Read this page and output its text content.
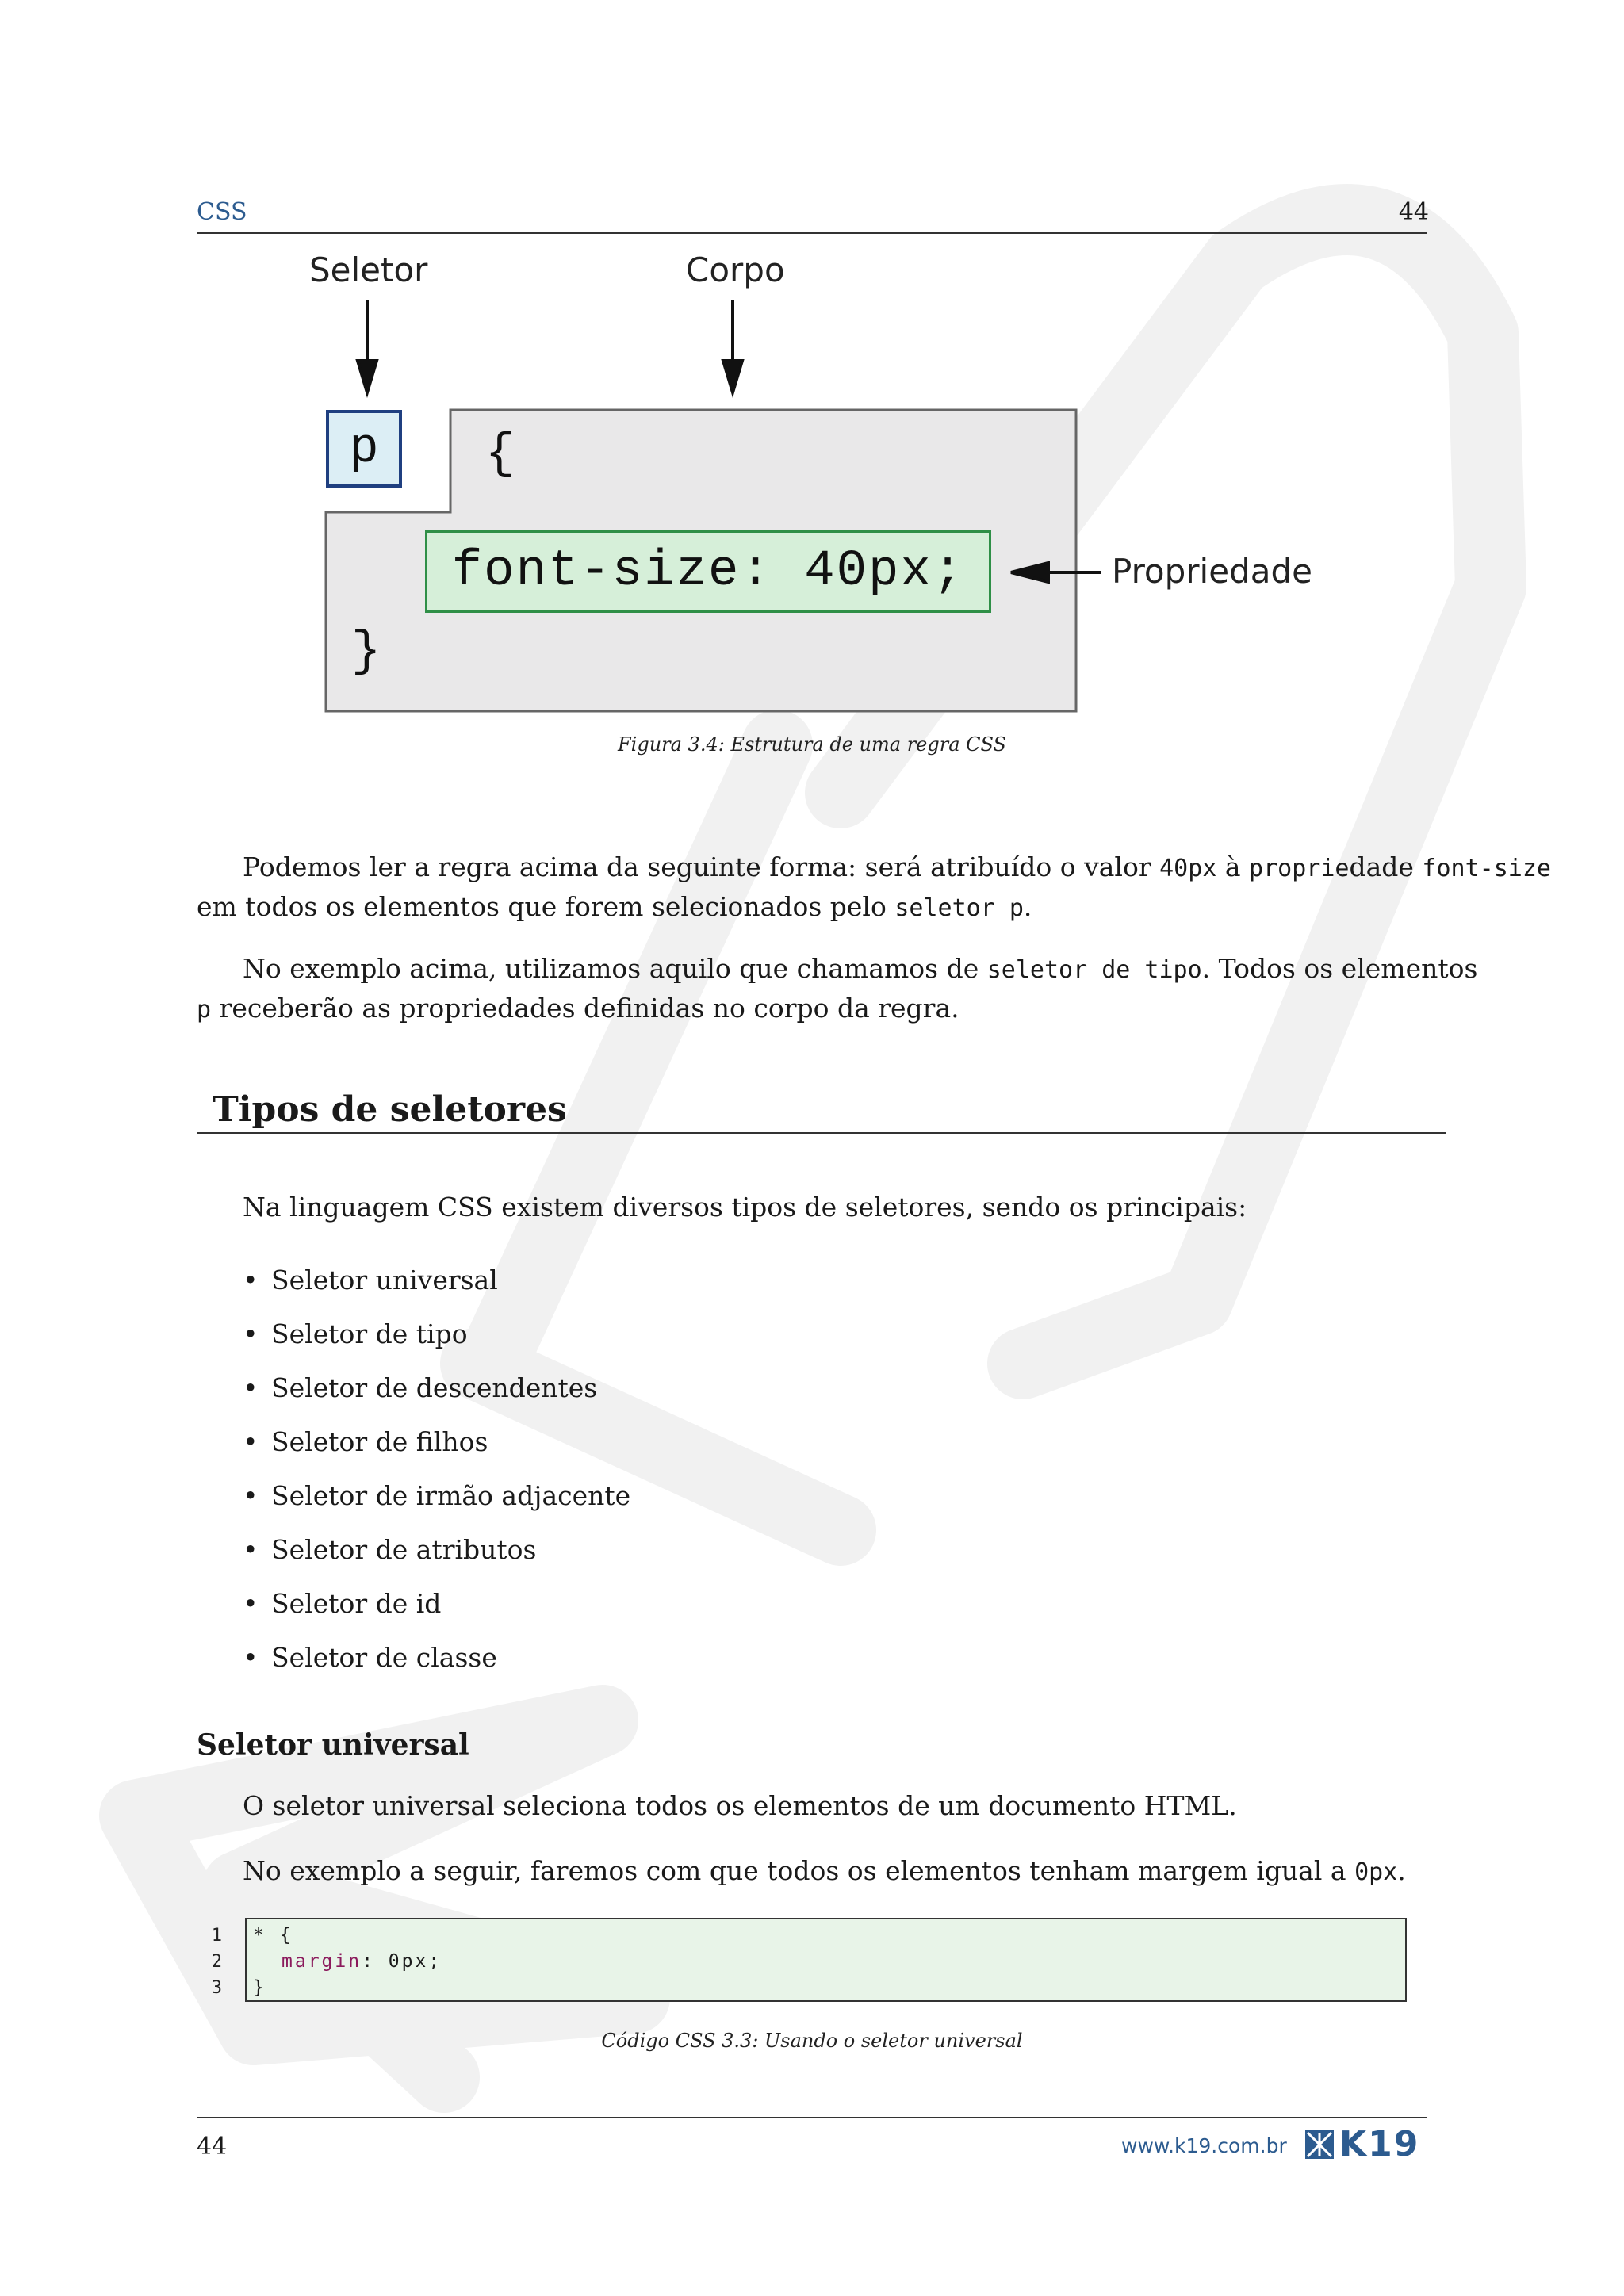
CSS	44
Seletor	Corpo
p {
font-size: 40px;	Propriedade
}
Figura 3.4: Estrutura de uma regra CSS
Podemos ler a regra acima da seguinte forma: será atribuído o valor 40px à propriedade font-size
em todos os elementos que forem selecionados pelo seletor p.
No exemplo acima, utilizamos aquilo que chamamos de seletor de tipo. Todos os elementos
p receberão as propriedades definidas no corpo da regra.
Tipos de seletores
Na linguagem CSS existem diversos tipos de seletores, sendo os principais:
• Seletor universal
• Seletor de tipo
• Seletor de descendentes
• Seletor de filhos
• Seletor de irmão adjacente
• Seletor de atributos
• Seletor de id
• Seletor de classe
Seletor universal
O seletor universal seleciona todos os elementos de um documento HTML.
No exemplo a seguir, faremos com que todos os elementos tenham margem igual a 0px.
1
2
3
* {
margin: 0px;
}
Código CSS 3.3: Usando o seletor universal
44	www.k19.com.br K19
